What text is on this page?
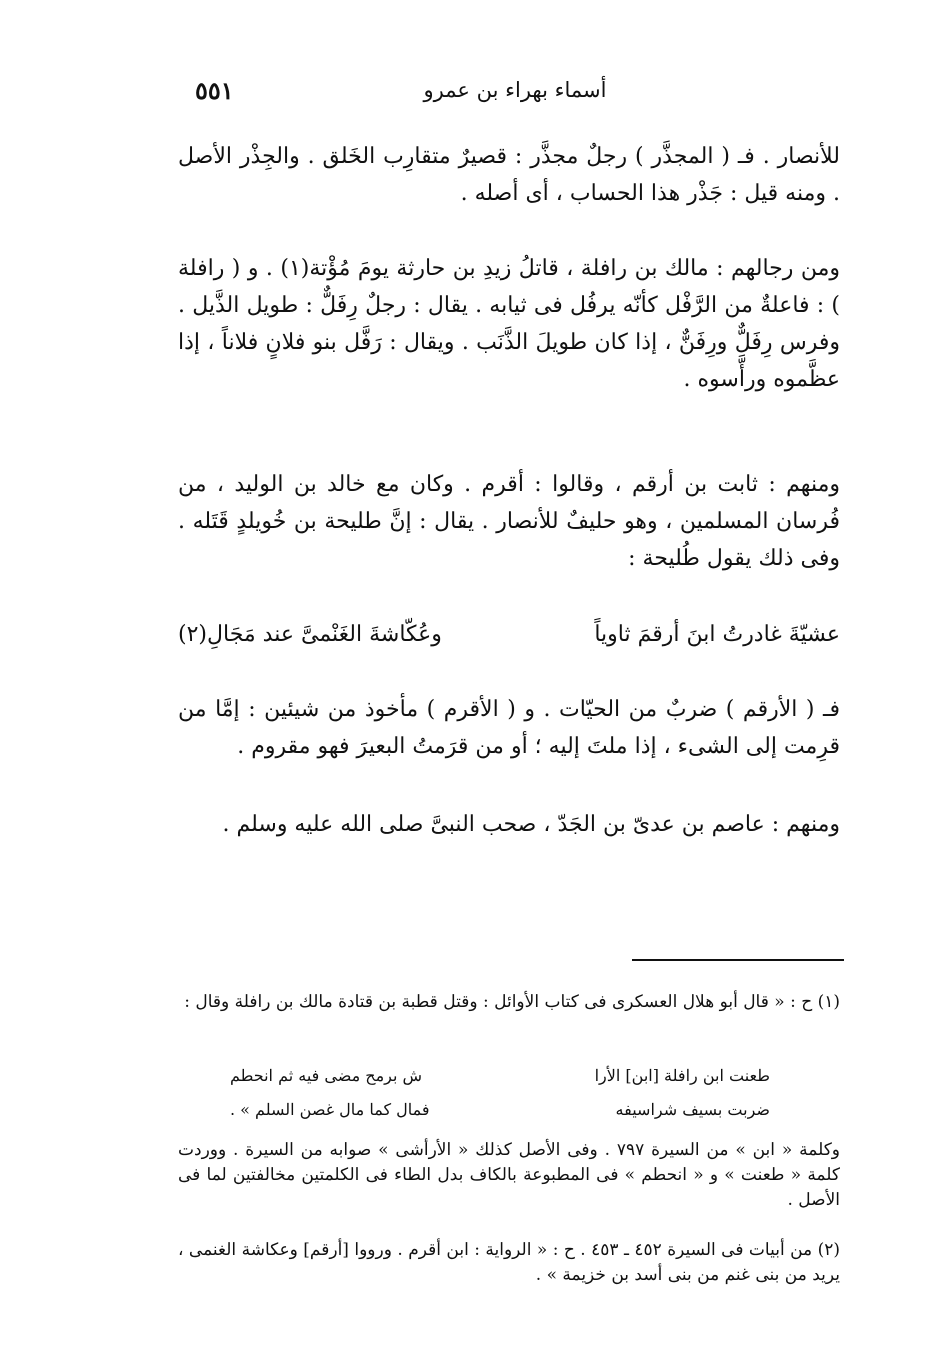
٥٥١	أسماء بهراء بن عمرو

للأنصار . فـ ( المجذَّر ) رجلٌ مجذَّر : قصيرٌ متقارِب الخَلق . والجِذْر الأصل . ومنه قيل : جَذْر هذا الحساب ، أى أصله .

ومن رجالهم : مالك بن رافلة ، قاتلُ زيدِ بن حارثة يومَ مُؤْتة(١) . و ( رافلة ) : فاعلةٌ من الرَّفْل كأنّه يرفُل فى ثيابه . يقال : رجلٌ رِفَلٌّ : طويل الذَّيل . وفرس رِفَلٌّ ورِفَنٌّ ، إذا كان طويلَ الذَّنَب . ويقال : رَفَّل بنو فلانٍ فلاناً ، إذا عظَّموه ورأَّسوه .

ومنهم : ثابت بن أرقم ، وقالوا : أقرم . وكان مع خالد بن الوليد ، من فُرسان المسلمين ، وهو حليفٌ للأنصار . يقال : إنَّ طليحة بن خُويلدٍ قَتَله . وفى ذلك يقول طُليحة :

عشيّةَ غادرتُ ابنَ أرقمَ ثاوياً
وعُكّاشةَ الغَنْمىَّ عند مَجَالِ(٢)

فـ ( الأرقم ) ضربٌ من الحيّات . و ( الأقرم ) مأخوذ من شيئين : إمَّا من قرِمت إلى الشىء ، إذا ملتَ إليه ؛ أو من قرَمتُ البعيرَ فهو مقروم .

ومنهم : عاصم بن عدىّ بن الجَدّ ، صحب النبىَّ صلى الله عليه وسلم .

(١) ح : « قال أبو هلال العسكرى فى كتاب الأوائل : وقتل قطبة بن قتادة مالك بن رافلة وقال :

طعنت ابن رافلة [ابن] الأرا
ش برمح مضى فيه ثم انحطم
ضربت بسيف شراسيفه
فمال كما مال غصن السلم » .

وكلمة « ابن » من السيرة ٧٩٧ . وفى الأصل كذلك « الأرأشى » صوابه من السيرة . ووردت كلمة « طعنت » و « انحطم » فى المطبوعة بالكاف بدل الطاء فى الكلمتين مخالفتين لما فى الأصل .

(٢) من أبيات فى السيرة ٤٥٢ ـ ٤٥٣ . ح : « الرواية : ابن أقرم . ورووا [أرقم] وعكاشة الغنمى ، يريد من بنى غنم من بنى أسد بن خزيمة » .
